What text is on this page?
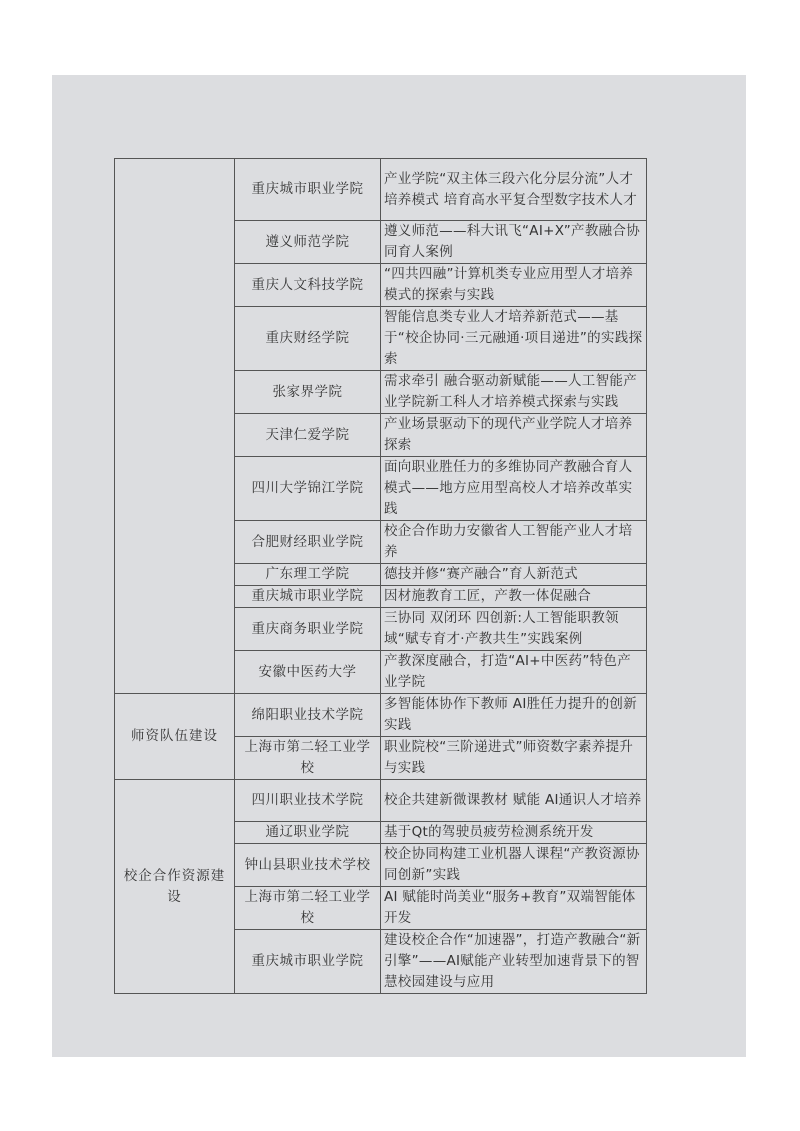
	重庆城市职业学院	产业学院“双主体三段六化分层分流”人才培养模式 培育高水平复合型数字技术人才
	遵义师范学院	遵义师范——科大讯飞“AI+X”产教融合协同育人案例
	重庆人文科技学院	“四共四融”计算机类专业应用型人才培养模式的探索与实践
	重庆财经学院	智能信息类专业人才培养新范式——基于“校企协同·三元融通·项目递进”的实践探索
	张家界学院	需求牵引 融合驱动新赋能——人工智能产业学院新工科人才培养模式探索与实践
	天津仁爱学院	产业场景驱动下的现代产业学院人才培养探索
	四川大学锦江学院	面向职业胜任力的多维协同产教融合育人模式——地方应用型高校人才培养改革实践
	合肥财经职业学院	校企合作助力安徽省人工智能产业人才培养
	广东理工学院	德技并修“赛产融合”育人新范式
	重庆城市职业学院	因材施教育工匠，产教一体促融合
	重庆商务职业学院	三协同 双闭环 四创新:人工智能职教领域“赋专育才·产教共生”实践案例
	安徽中医药大学	产教深度融合，打造“AI+中医药”特色产业学院
师资队伍建设	绵阳职业技术学院	多智能体协作下教师 AI胜任力提升的创新实践
	上海市第二轻工业学校	职业院校“三阶递进式”师资数字素养提升与实践
校企合作资源建设	四川职业技术学院	校企共建新微课教材 赋能 AI通识人才培养
	通辽职业学院	基于Qt的驾驶员疲劳检测系统开发
	钟山县职业技术学校	校企协同构建工业机器人课程“产教资源协同创新”实践
	上海市第二轻工业学校	AI 赋能时尚美业“服务+教育”双端智能体开发
	重庆城市职业学院	建设校企合作“加速器”，打造产教融合“新引擎”——AI赋能产业转型加速背景下的智慧校园建设与应用
